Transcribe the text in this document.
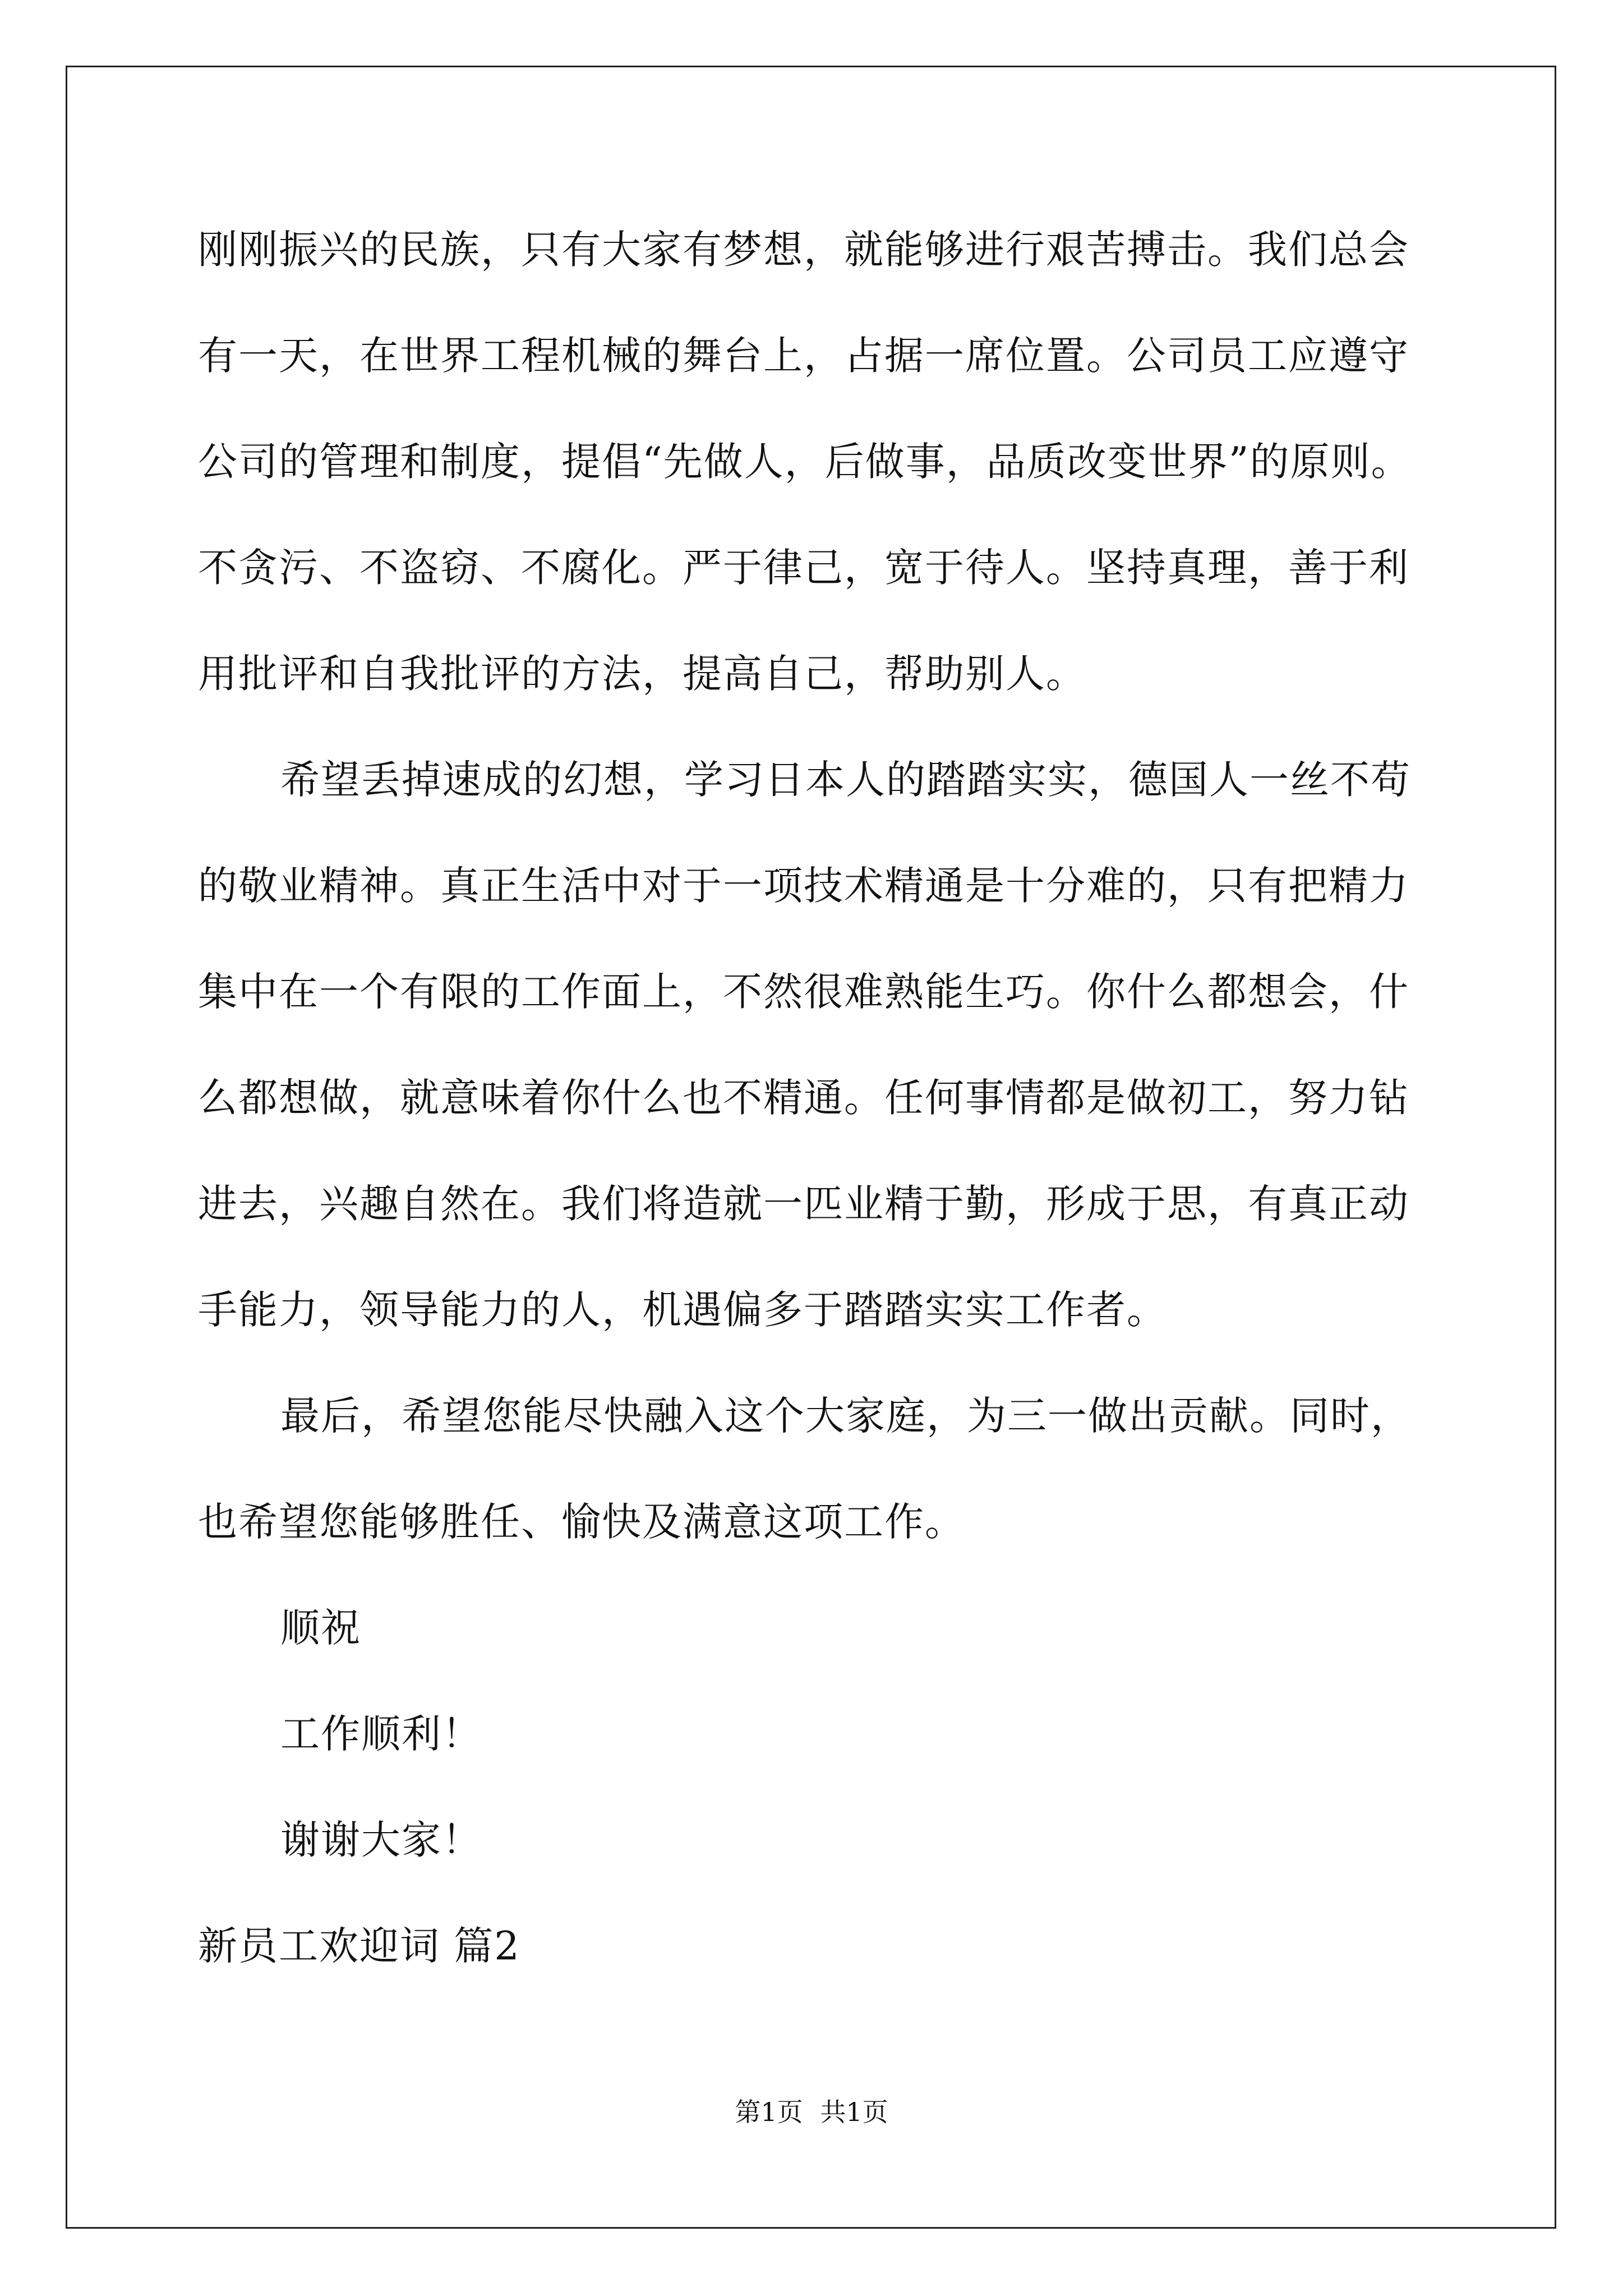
刚刚振兴的民族，只有大家有梦想，就能够进行艰苦搏击。我们总会
有一天，在世界工程机械的舞台上，占据一席位置。公司员工应遵守
公司的管理和制度，提倡“先做人，后做事，品质改变世界”的原则。
不贪污、不盗窃、不腐化。严于律己，宽于待人。坚持真理，善于利
用批评和自我批评的方法，提高自己，帮助别人。
希望丢掉速成的幻想，学习日本人的踏踏实实，德国人一丝不苟
的敬业精神。真正生活中对于一项技术精通是十分难的，只有把精力
集中在一个有限的工作面上，不然很难熟能生巧。你什么都想会，什
么都想做，就意味着你什么也不精通。任何事情都是做初工，努力钻
进去，兴趣自然在。我们将造就一匹业精于勤，形成于思，有真正动
手能力，领导能力的人，机遇偏多于踏踏实实工作者。
最后，希望您能尽快融入这个大家庭，为三一做出贡献。同时，
也希望您能够胜任、愉快及满意这项工作。
顺祝
工作顺利！
谢谢大家！
新员工欢迎词 篇2
第1页 共1页
